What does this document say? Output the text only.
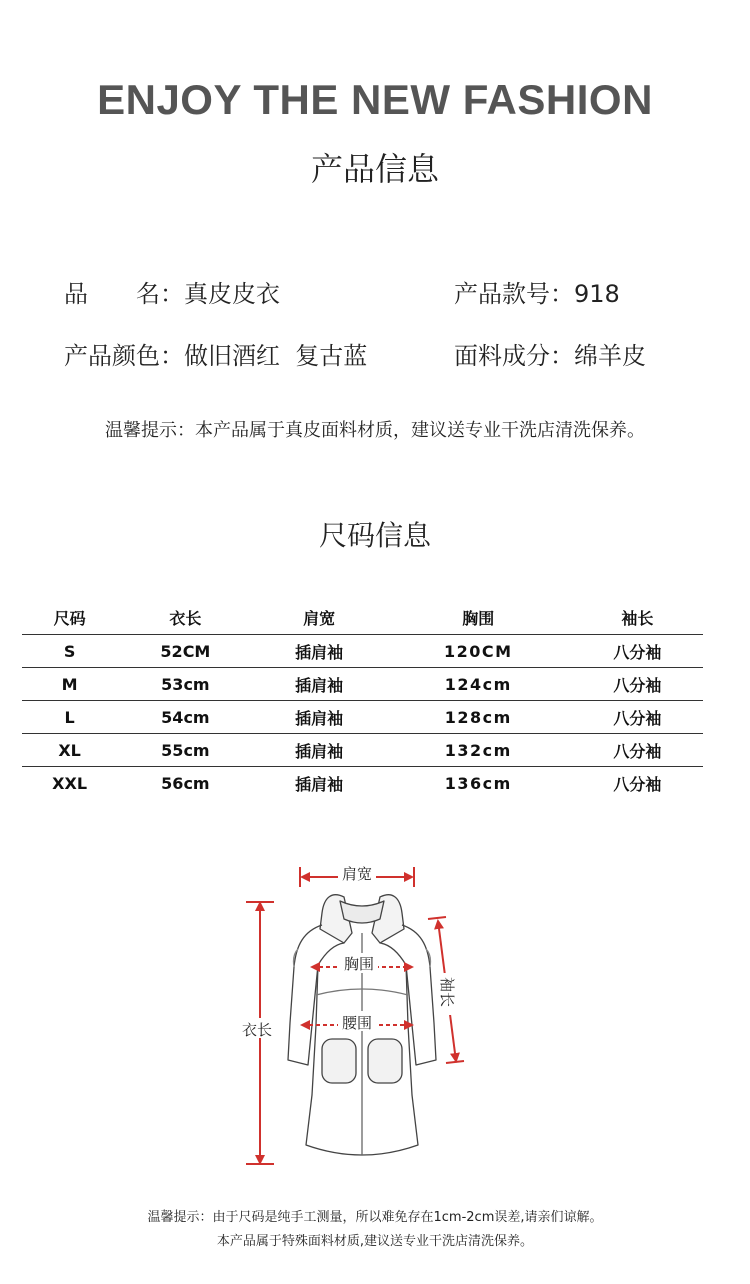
ENJOY THE NEW FASHION
产品信息
品　　名：真皮皮衣	产品款号：918
产品颜色：做旧酒红  复古蓝	面料成分：绵羊皮
温馨提示：本产品属于真皮面料材质，建议送专业干洗店清洗保养。
尺码信息
尺码	衣长	肩宽	胸围	袖长
S	52CM	插肩袖	120CM	八分袖
M	53cm	插肩袖	124cm	八分袖
L	54cm	插肩袖	128cm	八分袖
XL	55cm	插肩袖	132cm	八分袖
XXL	56cm	插肩袖	136cm	八分袖
肩宽
胸围
腰围
衣长
袖长
温馨提示：由于尺码是纯手工测量，所以难免存在1cm-2cm误差,请亲们谅解。
本产品属于特殊面料材质,建议送专业干洗店清洗保养。
